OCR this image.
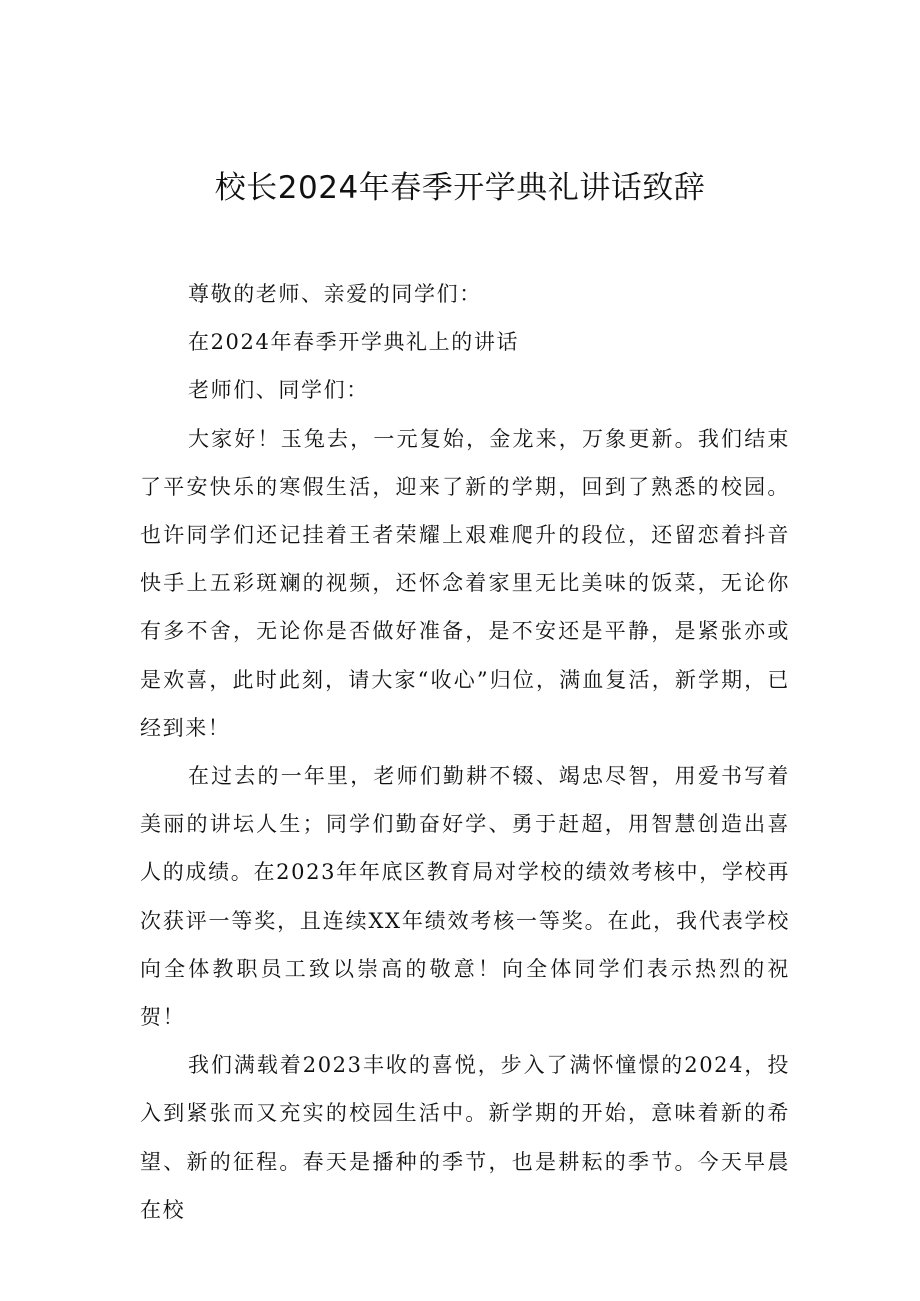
校长2024年春季开学典礼讲话致辞

尊敬的老师、亲爱的同学们：

在2024年春季开学典礼上的讲话

老师们、同学们：

大家好！玉兔去，一元复始，金龙来，万象更新。我们结束了平安快乐的寒假生活，迎来了新的学期，回到了熟悉的校园。也许同学们还记挂着王者荣耀上艰难爬升的段位，还留恋着抖音快手上五彩斑斓的视频，还怀念着家里无比美味的饭菜，无论你有多不舍，无论你是否做好准备，是不安还是平静，是紧张亦或是欢喜，此时此刻，请大家“收心”归位，满血复活，新学期，已经到来！

在过去的一年里，老师们勤耕不辍、竭忠尽智，用爱书写着美丽的讲坛人生；同学们勤奋好学、勇于赶超，用智慧创造出喜人的成绩。在2023年年底区教育局对学校的绩效考核中，学校再次获评一等奖，且连续XX年绩效考核一等奖。在此，我代表学校向全体教职员工致以崇高的敬意！向全体同学们表示热烈的祝贺！

我们满载着2023丰收的喜悦，步入了满怀憧憬的2024，投入到紧张而又充实的校园生活中。新学期的开始，意味着新的希望、新的征程。春天是播种的季节，也是耕耘的季节。今天早晨在校
